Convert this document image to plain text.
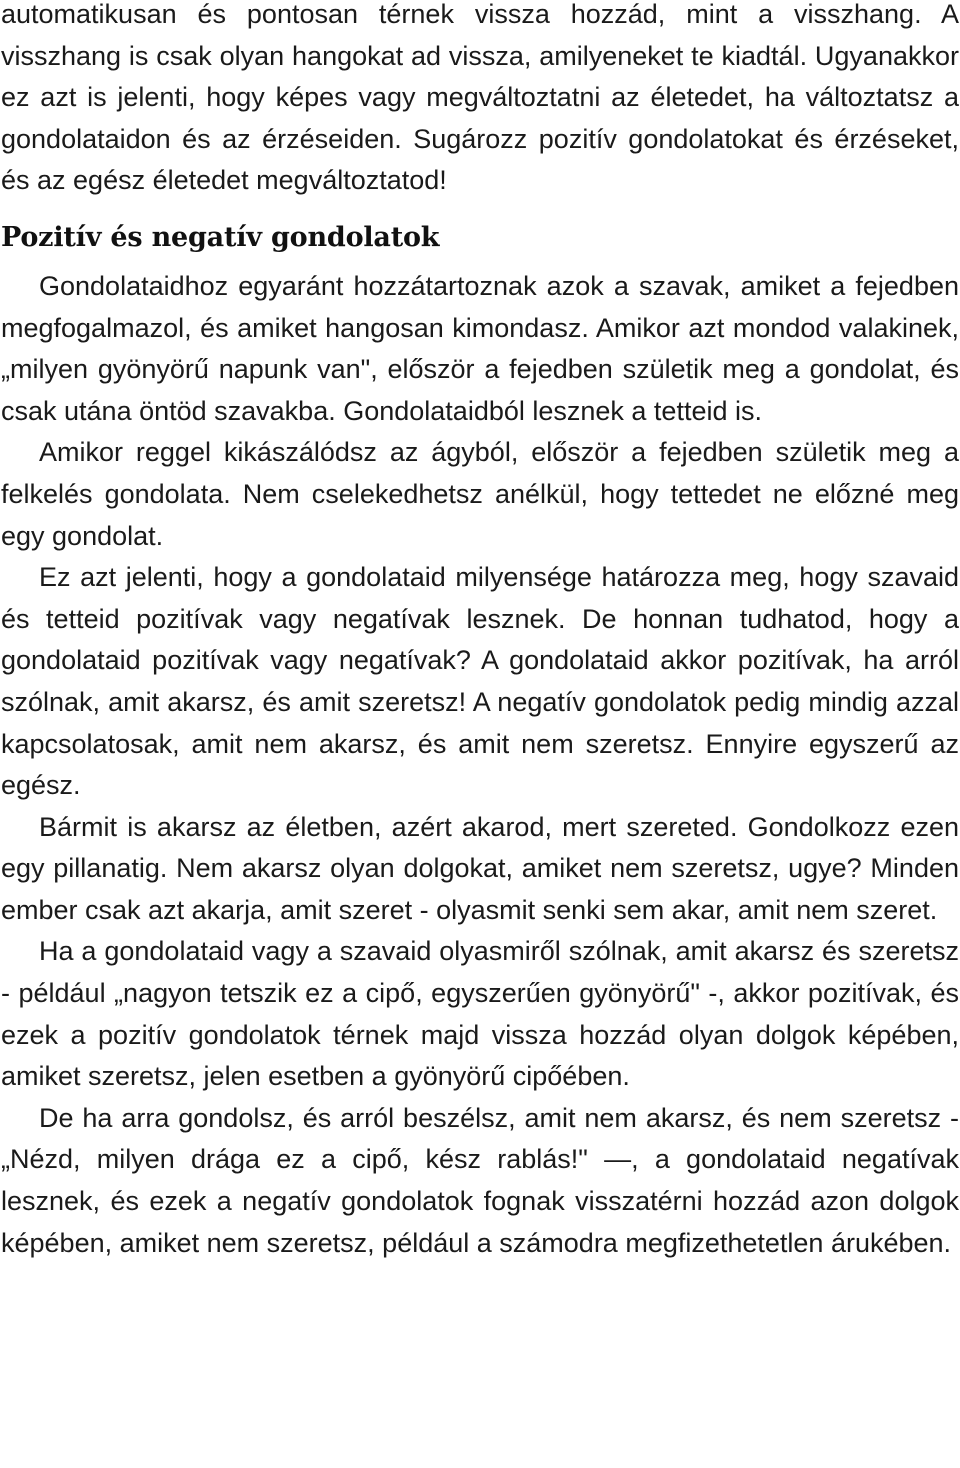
automatikusan és pontosan térnek vissza hozzád, mint a visszhang. A visszhang is csak olyan hangokat ad vissza, amilyeneket te kiadtál. Ugyanakkor ez azt is jelenti, hogy képes vagy megváltoztatni az életedet, ha változtatsz a gondolataidon és az érzéseiden. Sugározz pozitív gondolatokat és érzéseket, és az egész életedet megváltoztatod!

Pozitív és negatív gondolatok

Gondolataidhoz egyaránt hozzátartoznak azok a szavak, amiket a fejedben megfogalmazol, és amiket hangosan kimondasz. Amikor azt mondod valakinek, „milyen gyönyörű napunk van", először a fejedben születik meg a gondolat, és csak utána öntöd szavakba. Gondolataidból lesznek a tetteid is.

Amikor reggel kikászálódsz az ágyból, először a fejedben születik meg a felkelés gondolata. Nem cselekedhetsz anélkül, hogy tettedet ne előzné meg egy gondolat.

Ez azt jelenti, hogy a gondolataid milyensége határozza meg, hogy szavaid és tetteid pozitívak vagy negatívak lesznek. De honnan tudhatod, hogy a gondolataid pozitívak vagy negatívak? A gondolataid akkor pozitívak, ha arról szólnak, amit akarsz, és amit szeretsz! A negatív gondolatok pedig mindig azzal kapcsolatosak, amit nem akarsz, és amit nem szeretsz. Ennyire egyszerű az egész.

Bármit is akarsz az életben, azért akarod, mert szereted. Gondolkozz ezen egy pillanatig. Nem akarsz olyan dolgokat, amiket nem szeretsz, ugye? Minden ember csak azt akarja, amit szeret - olyasmit senki sem akar, amit nem szeret.

Ha a gondolataid vagy a szavaid olyasmiről szólnak, amit akarsz és szeretsz - például „nagyon tetszik ez a cipő, egyszerűen gyönyörű" -, akkor pozitívak, és ezek a pozitív gondolatok térnek majd vissza hozzád olyan dolgok képében, amiket szeretsz, jelen esetben a gyönyörű cipőében.

De ha arra gondolsz, és arról beszélsz, amit nem akarsz, és nem szeretsz - „Nézd, milyen drága ez a cipő, kész rablás!" —, a gondolataid negatívak lesznek, és ezek a negatív gondolatok fognak visszatérni hozzád azon dolgok képében, amiket nem szeretsz, például a számodra megfizethetetlen árukében.
